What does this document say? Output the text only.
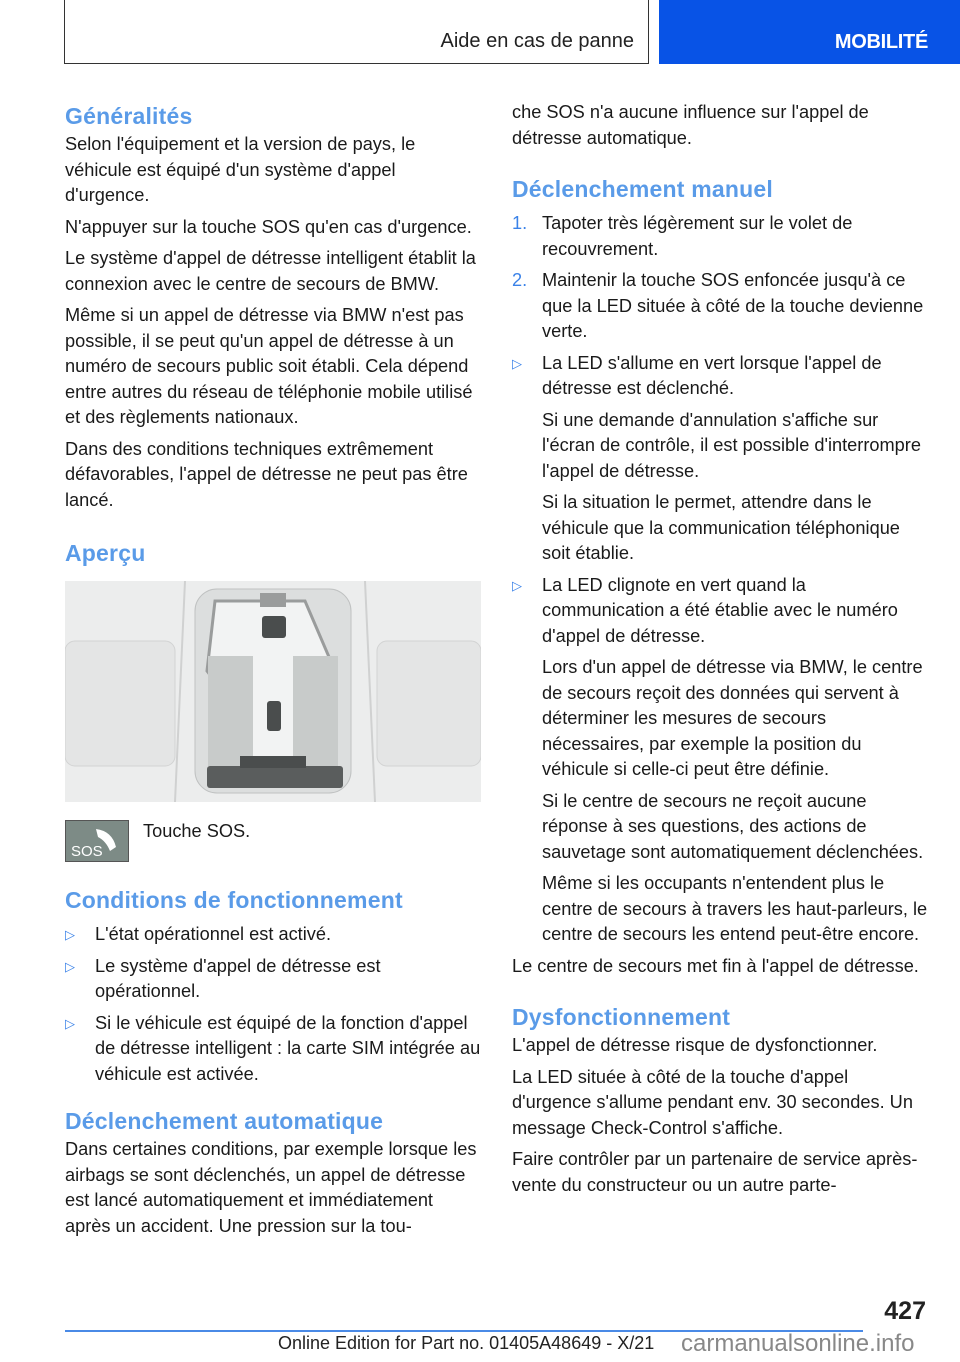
Aide en cas de panne	MOBILITÉ
Généralités

Selon l'équipement et la version de pays, le véhicule est équipé d'un système d'appel d'urgence.

N'appuyer sur la touche SOS qu'en cas d'urgence.

Le système d'appel de détresse intelligent établit la connexion avec le centre de secours de BMW.

Même si un appel de détresse via BMW n'est pas possible, il se peut qu'un appel de détresse à un numéro de secours public soit établi. Cela dépend entre autres du réseau de téléphonie mobile utilisé et des règlements nationaux.

Dans des conditions techniques extrêmement défavorables, l'appel de détresse ne peut pas être lancé.

Aperçu
SOS
Touche SOS.
Conditions de fonctionnement
▷ L'état opérationnel est activé.
▷ Le système d'appel de détresse est opérationnel.
▷ Si le véhicule est équipé de la fonction d'appel de détresse intelligent : la carte SIM intégrée au véhicule est activée.
Déclenchement automatique

Dans certaines conditions, par exemple lorsque les airbags se sont déclenchés, un appel de détresse est lancé automatiquement et immédiatement après un accident. Une pression sur la tou-

che SOS n'a aucune influence sur l'appel de détresse automatique.

Déclenchement manuel
1. Tapoter très légèrement sur le volet de recouvrement.
2. Maintenir la touche SOS enfoncée jusqu'à ce que la LED située à côté de la touche devienne verte.
▷ La LED s'allume en vert lorsque l'appel de détresse est déclenché.

Si une demande d'annulation s'affiche sur l'écran de contrôle, il est possible d'interrompre l'appel de détresse.

Si la situation le permet, attendre dans le véhicule que la communication téléphonique soit établie.

▷ La LED clignote en vert quand la communication a été établie avec le numéro d'appel de détresse.

Lors d'un appel de détresse via BMW, le centre de secours reçoit des données qui servent à déterminer les mesures de secours nécessaires, par exemple la position du véhicule si celle-ci peut être définie.

Si le centre de secours ne reçoit aucune réponse à ses questions, des actions de sauvetage sont automatiquement déclenchées.

Même si les occupants n'entendent plus le centre de secours à travers les haut-parleurs, le centre de secours les entend peut-être encore.

Le centre de secours met fin à l'appel de détresse.

Dysfonctionnement

L'appel de détresse risque de dysfonctionner.

La LED située à côté de la touche d'appel d'urgence s'allume pendant env. 30 secondes. Un message Check-Control s'affiche.

Faire contrôler par un partenaire de service après-vente du constructeur ou un autre parte-

427
Online Edition for Part no. 01405A48649 - X/21 carmanualsonline.info
